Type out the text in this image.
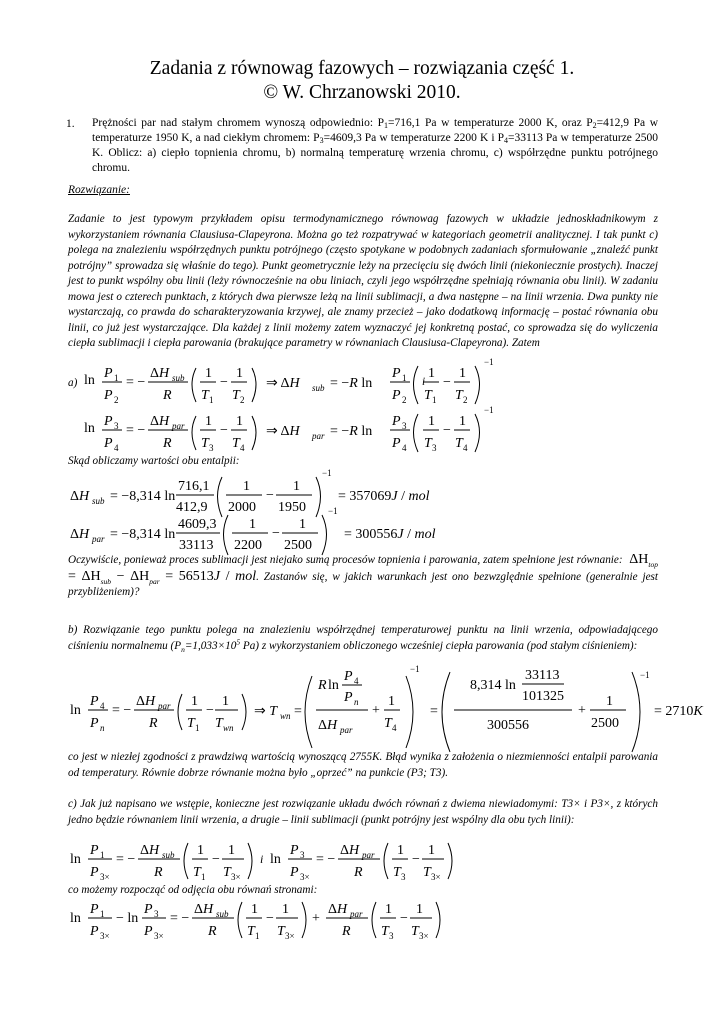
Zadania z równowag fazowych – rozwiązania część 1.
© W. Chrzanowski 2010.
1. Prężności par nad stałym chromem wynoszą odpowiednio: $P_1=716,1$ Pa w temperaturze 2000 K, oraz $P_2=412,9$ Pa w temperaturze 1950 K, a nad ciekłym chromem: $P_3=4609,3$ Pa w temperaturze 2200 K i $P_4=33113$ Pa w temperaturze 2500 K. Oblicz: a) ciepło topnienia chromu, b) normalną temperaturę wrzenia chromu, c) współrzędne punktu potrójnego chromu.
Rozwiązanie:
Zadanie to jest typowym przykładem opisu termodynamicznego równowag fazowych w układzie jednoskładnikowym z wykorzystaniem równania Clausiusa-Clapeyrona. Można go też rozpatrywać w kategoriach geometrii analitycznej. I tak punkt c) polega na znalezieniu współrzędnych punktu potrójnego (często spotykane w podobnych zadaniach sformułowanie „znaleźć punkt potrójny” sprowadza się właśnie do tego). Punkt geometrycznie leży na przecięciu się dwóch linii (niekoniecznie prostych). Inaczej jest to punkt wspólny obu linii (leży równocześnie na obu liniach, czyli jego współrzędne spełniają równania obu linii). W zadaniu mowa jest o czterech punktach, z których dwa pierwsze leżą na linii sublimacji, a dwa następne – na linii wrzenia. Dwa punkty nie wystarczają, co prawda do scharakteryzowania krzywej, ale znamy przecież – jako dodatkową informację – postać równania obu linii, co już jest wystarczające. Dla każdej z linii możemy zatem wyznaczyć jej konkretną postać, co sprowadza się do wyliczenia ciepła sublimacji i ciepła parowania (brakujące parametry w równaniach Clausiusa-Clapeyrona). Zatem
a)	i
Skąd obliczamy wartości obu entalpii:
Oczywiście, ponieważ proces sublimacji jest niejako sumą procesów topnienia i parowania, zatem spełnione jest równanie:  $\Delta H_{top} = \Delta H_{sub} - \Delta H_{par} = 56513J$ / mol. Zastanów się, w jakich warunkach jest ono bezwzględnie spełnione (generalnie jest przybliżeniem)?
b) Rozwiązanie tego punktu polega na znalezieniu współrzędnej temperaturowej punktu na linii wrzenia, odpowiadającego ciśnieniu normalnemu ($P_n=1,033\times 10^5$ Pa) z wykorzystaniem obliczonego wcześniej ciepła parowania (pod stałym ciśnieniem):
co jest w niezłej zgodności z prawdziwą wartością wynoszącą 2755K. Błąd wynika z założenia o niezmienności entalpii parowania od temperatury. Równie dobrze równanie można było „oprzeć” na punkcie (P3; T3).
c) Jak już napisano we wstępie, konieczne jest rozwiązanie układu dwóch równań z dwiema niewiadomymi: T3× i P3×, z których jedno będzie równaniem linii wrzenia, a drugie – linii sublimacji (punkt potrójny jest wspólny dla obu tych linii):
co możemy rozpocząć od odjęcia obu równań stronami:
ln P 1
P 2
= −
ΔH sub
R
1
T 1
−
1
T 2
⇒ ΔH sub = −R ln
P 1
P 2
1
T 1
−
1
T 2
−1
ln P 3
P 4
= −
ΔH par
R
1
T 3
−
1
T 4
⇒ ΔH par = −R ln
P 3
P 4
1
T 3
−
1
T 4
−1
ΔH sub = −8,314 ln
716,1
412,9
1
2000
−
1
1950
−1
= 357069J / mol
ΔH par = −8,314 ln
4609,3
33113
1
2200
−
1
2500
−1
= 300556J / mol
ln
P 4
P n
= −
ΔH par
R
1
T 1
−
1
T wn
⇒ T wn =
R ln
P 4
P n
ΔH par
+
1
T 4
−1
=
8,314 ln
33113
101325
300556
+
1
2500
−1
= 2710K
ln
P 1
P 3×
= −
ΔH sub
R
1
T 1
−
1
T 3×
i ln
P 3
P 3×
= −
ΔH par
R
1
T 3
−
1
T 3×
ln
P 1
P 3×
− ln
P 3
P 3×
= −
ΔH sub
R
1
T 1
−
1
T 3×
+
ΔH par
R
1
T 3
−
1
T 3×
